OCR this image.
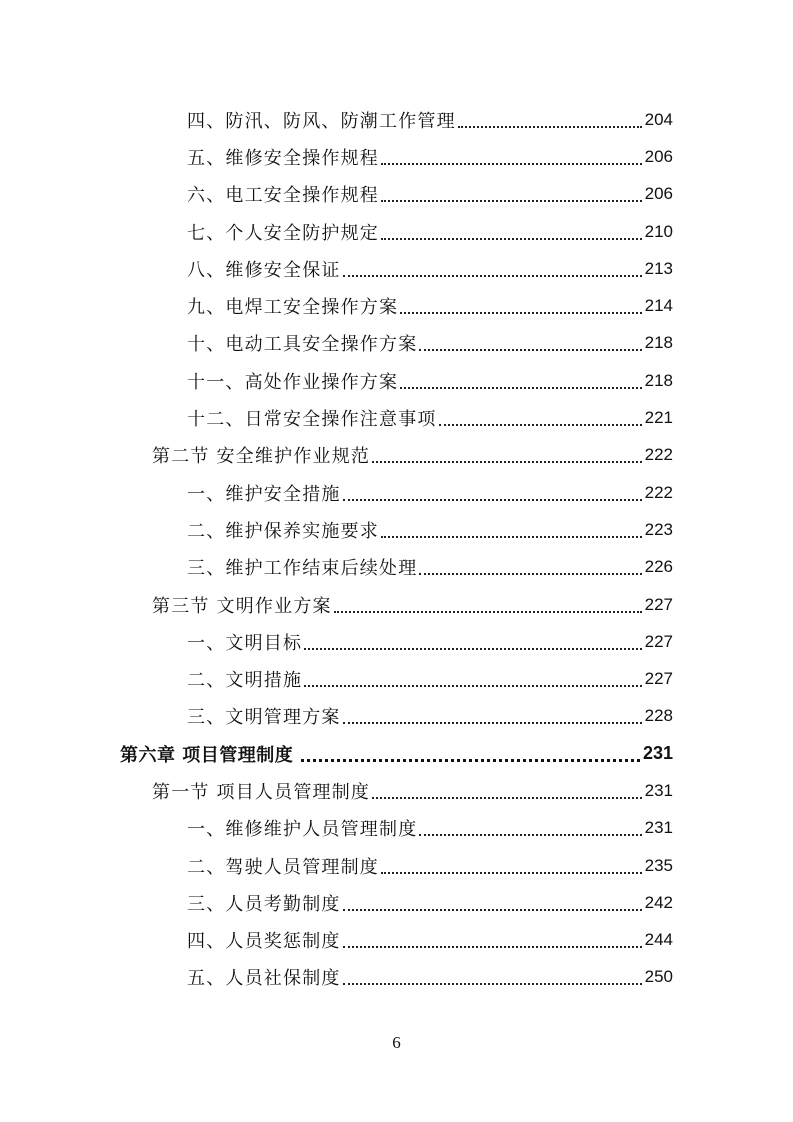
四、防汛、防风、防潮工作管理	204
五、维修安全操作规程	206
六、电工安全操作规程	206
七、个人安全防护规定	210
八、维修安全保证	213
九、电焊工安全操作方案	214
十、电动工具安全操作方案	218
十一、高处作业操作方案	218
十二、日常安全操作注意事项	221
第二节 安全维护作业规范	222
一、维护安全措施	222
二、维护保养实施要求	223
三、维护工作结束后续处理	226
第三节 文明作业方案	227
一、文明目标	227
二、文明措施	227
三、文明管理方案	228
第六章 项目管理制度	231
第一节 项目人员管理制度	231
一、维修维护人员管理制度	231
二、驾驶人员管理制度	235
三、人员考勤制度	242
四、人员奖惩制度	244
五、人员社保制度	250
6
